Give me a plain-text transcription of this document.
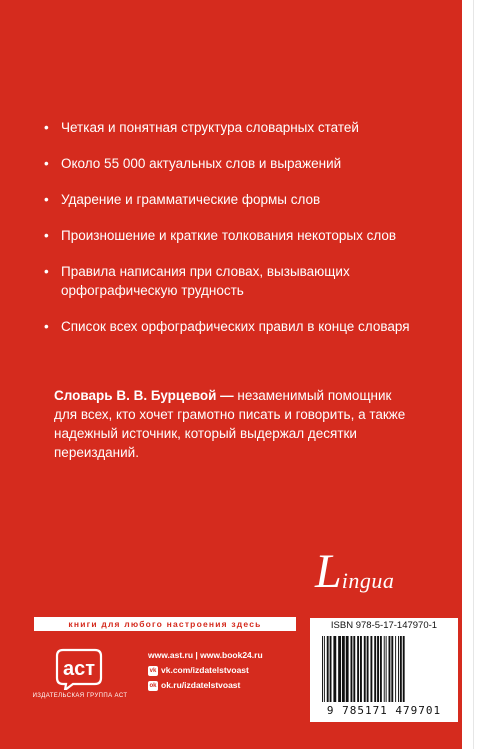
• Четкая и понятная структура словарных статей
• Около 55 000 актуальных слов и выражений
• Ударение и грамматические формы слов
• Произношение и краткие толкования некоторых слов
• Правила написания при словах, вызывающих орфографическую трудность
• Список всех орфографических правил в конце словаря

Словарь В. В. Бурцевой — незаменимый помощник для всех, кто хочет грамотно писать и говорить, а также надежный источник, который выдержал десятки переизданий.

Lingua
книги для любого настроения здесь
аст
ИЗДАТЕЛЬСКАЯ ГРУППА АСТ
www.ast.ru | www.book24.ru
vk vk.com/izdatelstvoast
ok ok.ru/izdatelstvoast
ISBN 978-5-17-147970-1
9 785171 479701
